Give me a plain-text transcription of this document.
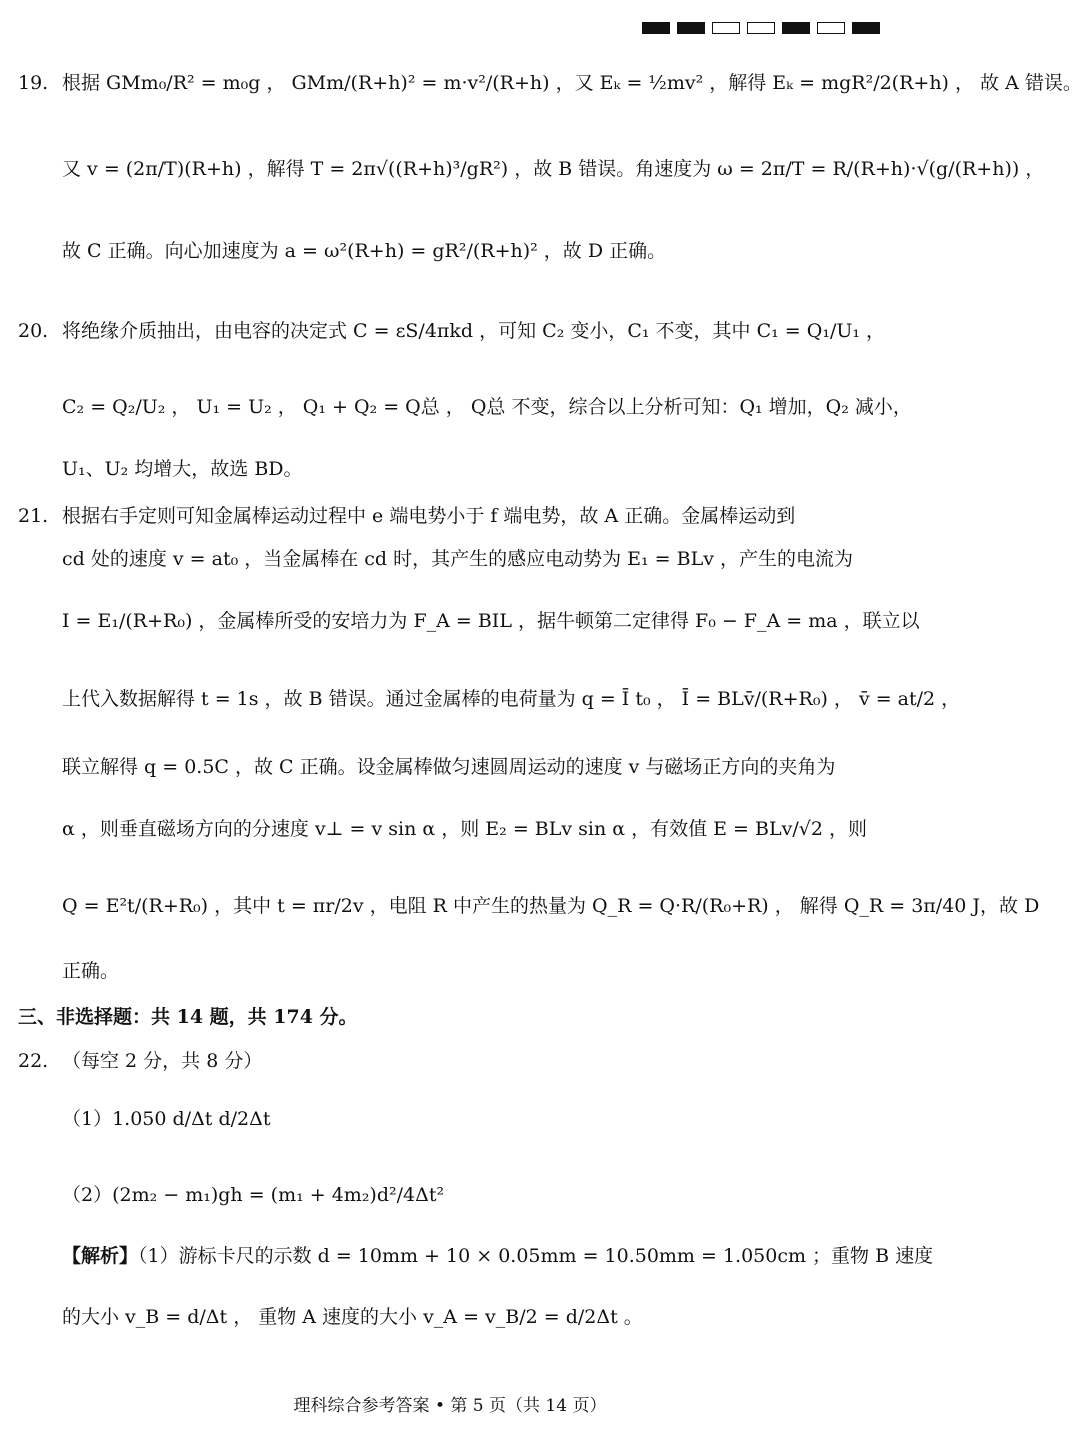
19. 根据 GMm₀/R² = m₀g ， GMm/(R+h)² = m·v²/(R+h) ，又 Eₖ = ½mv² ，解得 Eₖ = mgR²/2(R+h) ， 故 A 错误。
又 v = (2π/T)(R+h) ，解得 T = 2π√((R+h)³/gR²) ，故 B 错误。角速度为 ω = 2π/T = R/(R+h)·√(g/(R+h)) ，
故 C 正确。向心加速度为 a = ω²(R+h) = gR²/(R+h)² ，故 D 正确。
20. 将绝缘介质抽出，由电容的决定式 C = εS/4πkd ，可知 C₂ 变小，C₁ 不变，其中 C₁ = Q₁/U₁ ，
C₂ = Q₂/U₂ ， U₁ = U₂ ， Q₁ + Q₂ = Q总 ， Q总 不变，综合以上分析可知：Q₁ 增加，Q₂ 减小，
U₁、U₂ 均增大，故选 BD。
21. 根据右手定则可知金属棒运动过程中 e 端电势小于 f 端电势，故 A 正确。金属棒运动到
cd 处的速度 v = at₀ ，当金属棒在 cd 时，其产生的感应电动势为 E₁ = BLv ，产生的电流为
I = E₁/(R+R₀) ，金属棒所受的安培力为 F_A = BIL ，据牛顿第二定律得 F₀ − F_A = ma ，联立以
上代入数据解得 t = 1s ，故 B 错误。通过金属棒的电荷量为 q = Ī t₀ ， Ī = BLv̄/(R+R₀) ， v̄ = at/2 ，
联立解得 q = 0.5C ，故 C 正确。设金属棒做匀速圆周运动的速度 v 与磁场正方向的夹角为
α ，则垂直磁场方向的分速度 v⊥ = v sin α ，则 E₂ = BLv sin α ，有效值 E = BLv/√2 ，则
Q = E²t/(R+R₀) ，其中 t = πr/2v ，电阻 R 中产生的热量为 Q_R = Q·R/(R₀+R) ， 解得 Q_R = 3π/40 J，故 D
正确。
三、非选择题：共 14 题，共 174 分。
22. （每空 2 分，共 8 分）
（1）1.050 d/Δt d/2Δt
（2）(2m₂ − m₁)gh = (m₁ + 4m₂)d²/4Δt²
【解析】（1）游标卡尺的示数 d = 10mm + 10 × 0.05mm = 10.50mm = 1.050cm ；重物 B 速度
的大小 v_B = d/Δt ， 重物 A 速度的大小 v_A = v_B/2 = d/2Δt 。
理科综合参考答案 • 第 5 页（共 14 页）
